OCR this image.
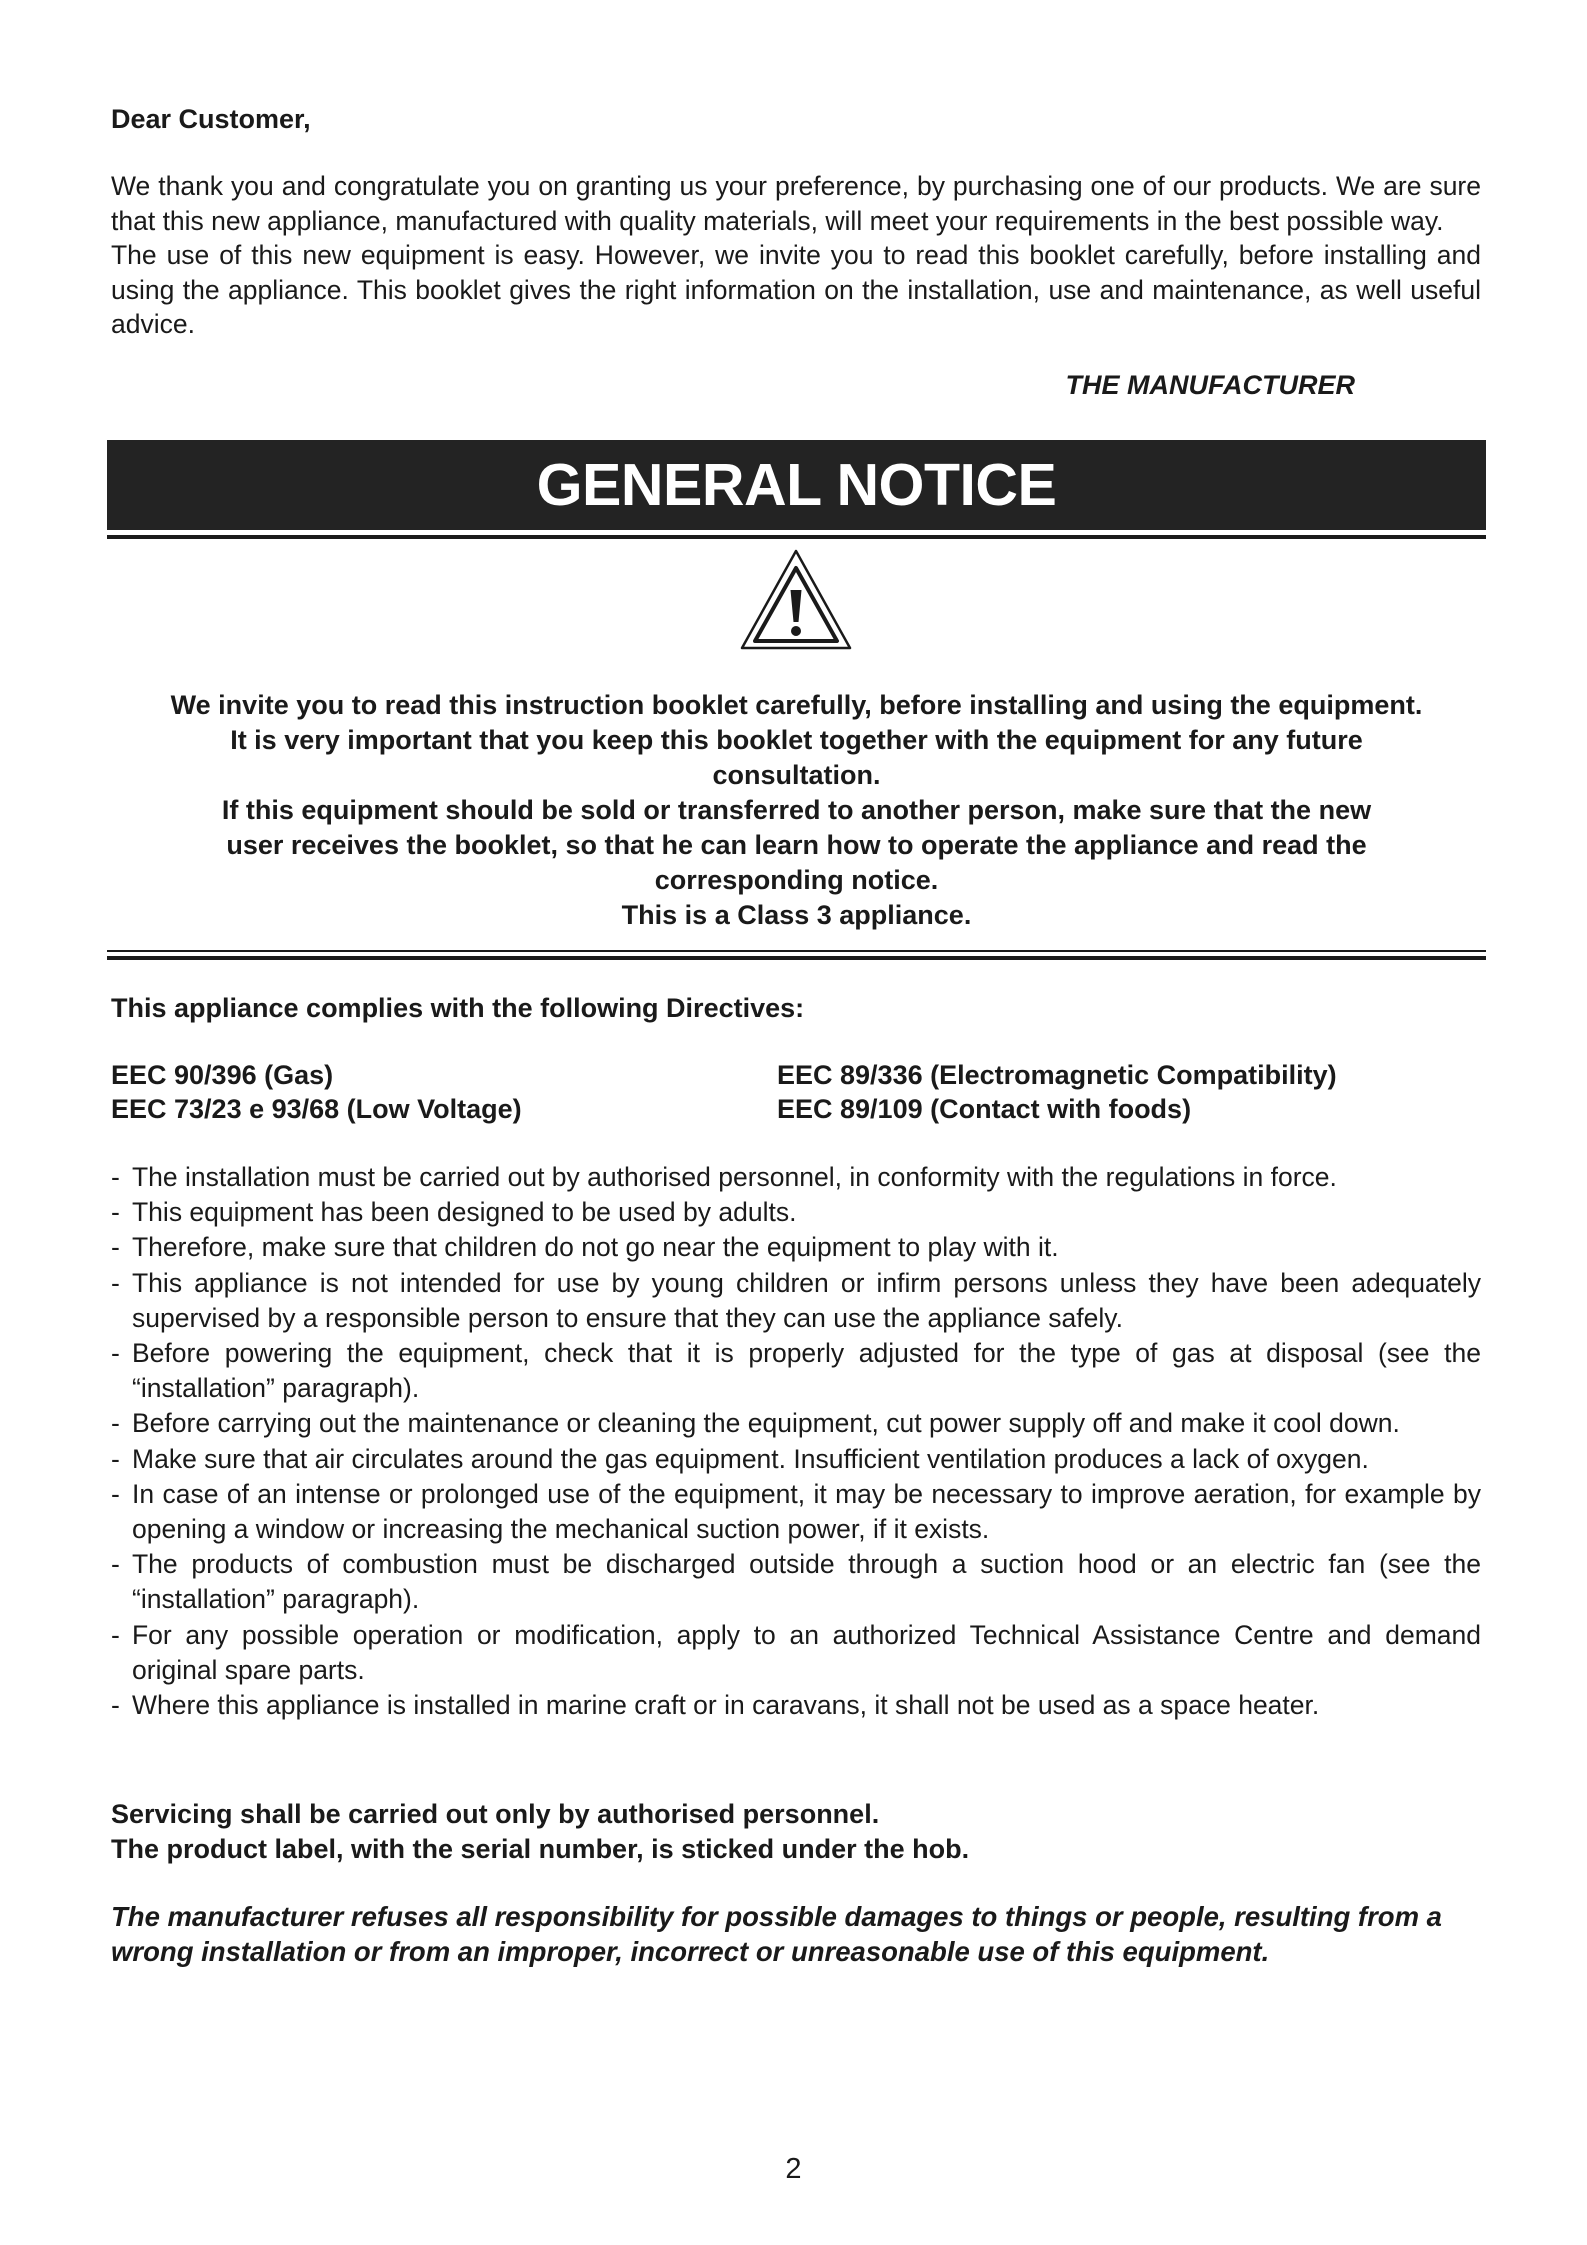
Dear Customer,

We thank you and congratulate you on granting us your preference, by purchasing one of our products. We are sure that this new appliance, manufactured with quality materials, will meet your requirements in the best possible way.

The use of this new equipment is easy. However, we invite you to read this booklet carefully, before installing and using the appliance. This booklet gives the right information on the installation, use and maintenance, as well useful advice.

THE MANUFACTURER
GENERAL NOTICE
We invite you to read this instruction booklet carefully, before installing and using the equipment.
It is very important that you keep this booklet together with the equipment for any future
consultation.
If this equipment should be sold or transferred to another person, make sure that the new
user receives the booklet, so that he can learn how to operate the appliance and read the
corresponding notice.
This is a Class 3 appliance.
This appliance complies with the following Directives:
EEC 90/396 (Gas)	EEC 89/336 (Electromagnetic Compatibility)
EEC 73/23 e 93/68 (Low Voltage)	EEC 89/109 (Contact with foods)
- The installation must be carried out by authorised personnel, in conformity with the regulations in force.
- This equipment has been designed to be used by adults.
- Therefore, make sure that children do not go near the equipment to play with it.
- This appliance is not intended for use by young children or infirm persons unless they have been adequately supervised by a responsible person to ensure that they can use the appliance safely.
- Before powering the equipment, check that it is properly adjusted for the type of gas at disposal (see the “installation” paragraph).
- Before carrying out the maintenance or cleaning the equipment, cut power supply off and make it cool down.
- Make sure that air circulates around the gas equipment. Insufficient ventilation produces a lack of oxygen.
- In case of an intense or prolonged use of the equipment, it may be necessary to improve aeration, for example by opening a window or increasing the mechanical suction power, if it exists.
- The products of combustion must be discharged outside through a suction hood or an electric fan (see the “installation” paragraph).
- For any possible operation or modification, apply to an authorized Technical Assistance Centre and demand original spare parts.
- Where this appliance is installed in marine craft or in caravans, it shall not be used as a space heater.
Servicing shall be carried out only by authorised personnel.
The product label, with the serial number, is sticked under the hob.
The manufacturer refuses all responsibility for possible damages to things or people, resulting from a wrong installation or from an improper, incorrect or unreasonable use of this equipment.
2
